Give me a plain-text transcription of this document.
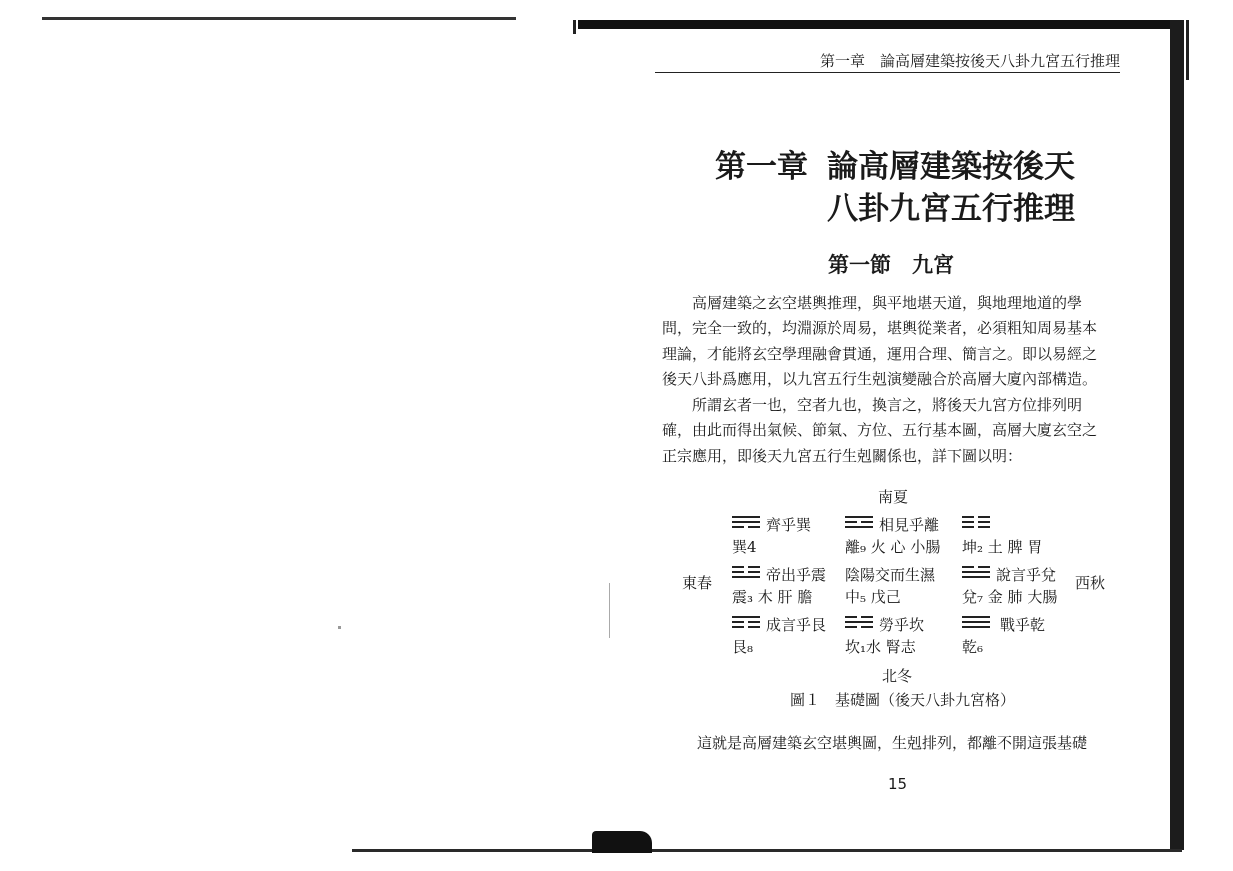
第一章　論高層建築按後天八卦九宮五行推理
第一章 論高層建築按後天
八卦九宮五行推理
第一節　九宮
高層建築之玄空堪輿推理，與平地堪天道，與地理地道的學
問，完全一致的，均淵源於周易，堪輿從業者，必須粗知周易基本
理論，才能將玄空學理融會貫通，運用合理、簡言之。即以易經之
後天八卦爲應用，以九宮五行生剋演變融合於高層大廈內部構造。
所謂玄者一也，空者九也，換言之，將後天九宮方位排列明
確，由此而得出氣候、節氣、方位、五行基本圖，高層大廈玄空之
正宗應用，即後天九宮五行生剋關係也，詳下圖以明：
南夏
東春	西秋
北冬
齊乎巽
巽4
相見乎離
離₉ 火 心 小腸 坤₂ 土 脾 胃
帝出乎震
震₃ 木 肝 膽
陰陽交而生濕
中₅ 戊己
說言乎兌
兌₇ 金 肺 大腸
成言乎艮
艮₈
勞乎坎
坎₁水 腎志
戰乎乾
乾₆
圖１　基礎圖（後天八卦九宮格）
這就是高層建築玄空堪輿圖，生剋排列，都離不開這張基礎
15
